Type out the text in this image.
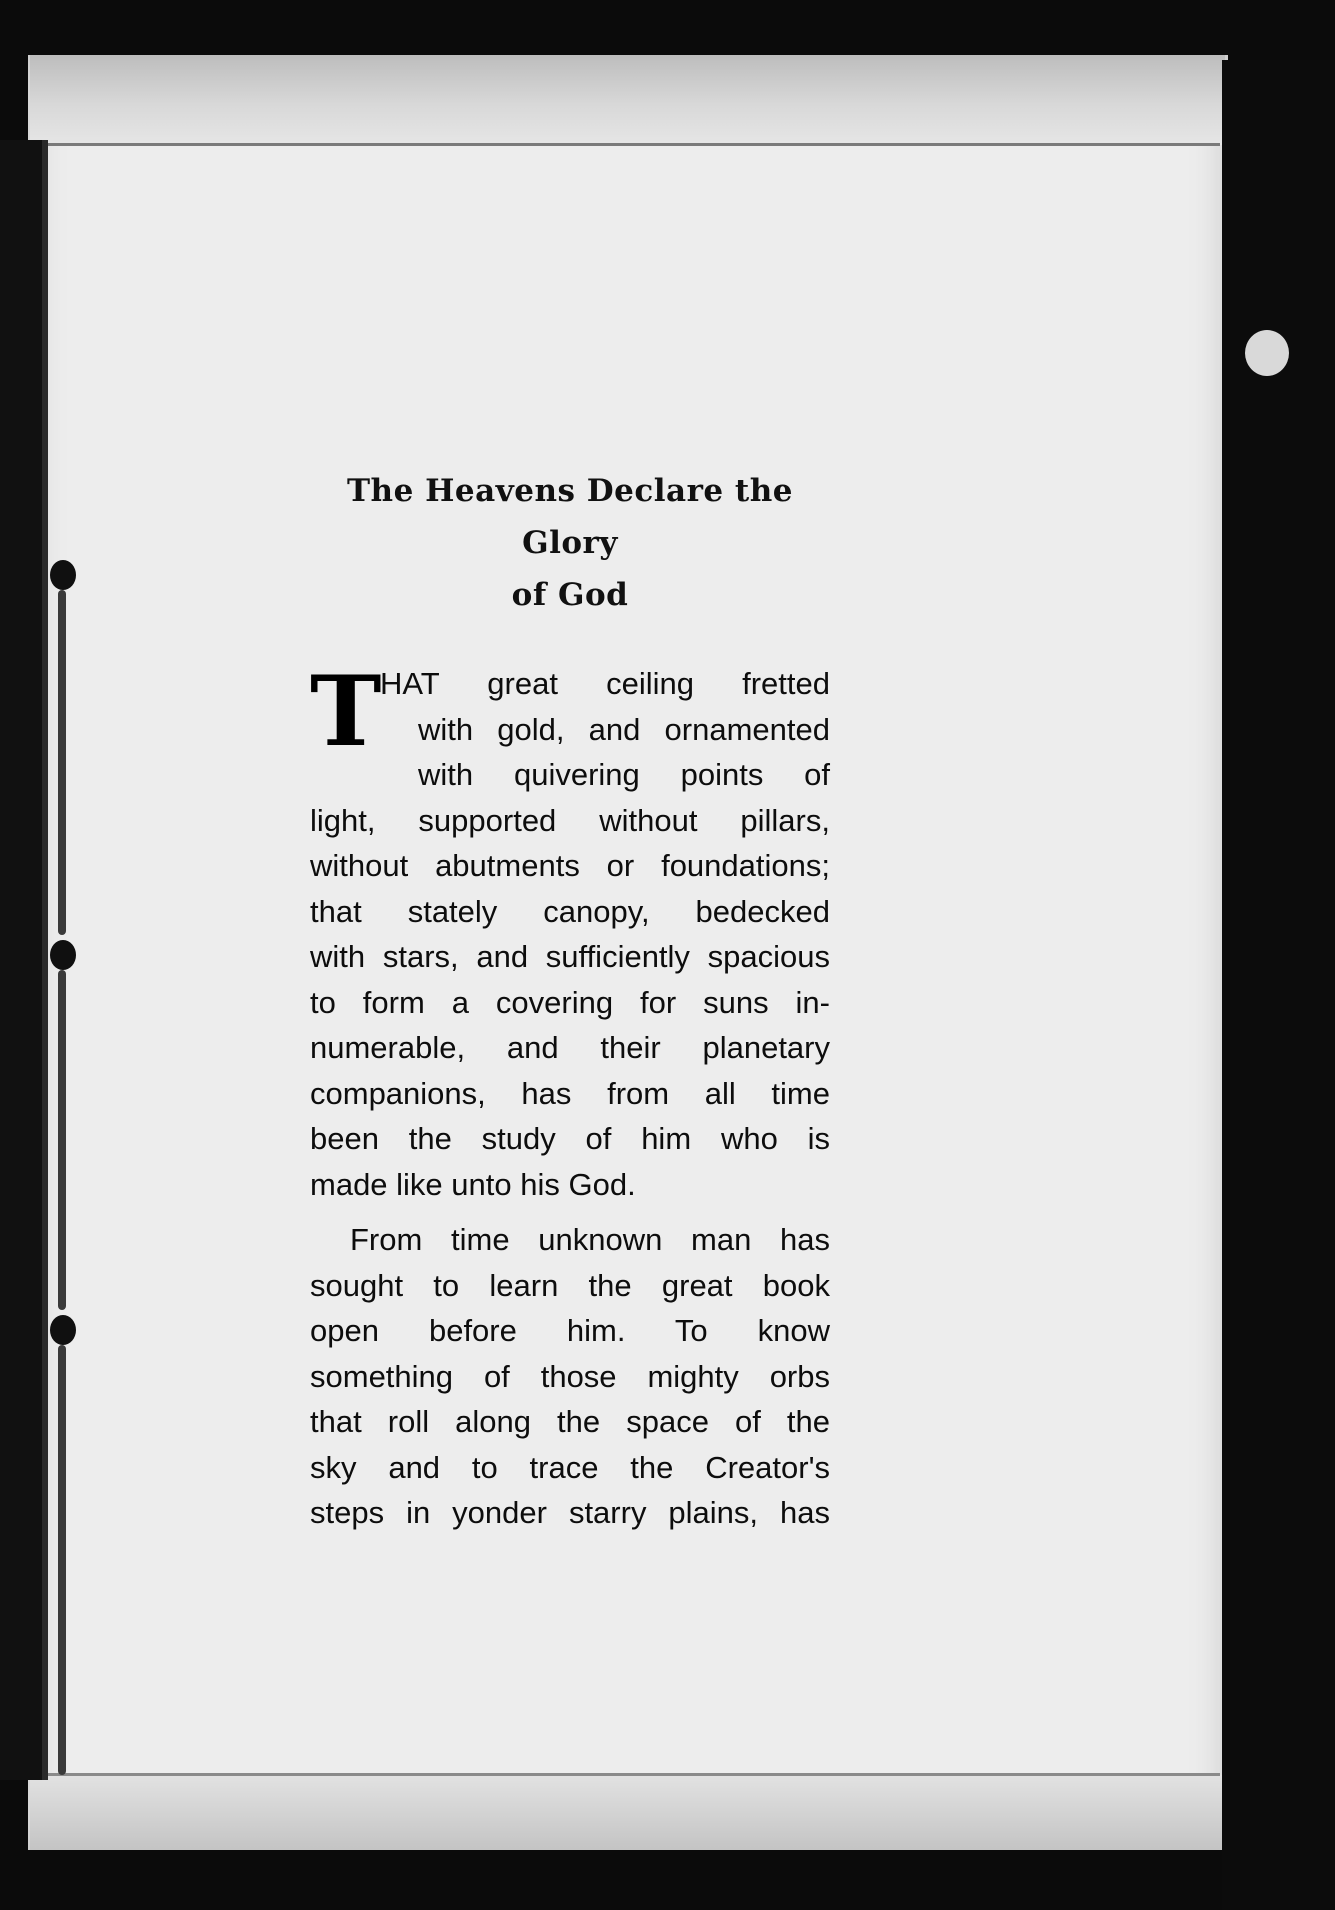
The Heavens Declare the Glory
of God
T
HAT great ceiling fretted
with gold, and ornamented
with quivering points of
light, supported without pillars,
without abutments or foundations;
that stately canopy, bedecked
with stars, and sufficiently spacious
to form a covering for suns in-
numerable, and their planetary
companions, has from all time
been the study of him who is
made like unto his God.
From time unknown man has
sought to learn the great book
open before him. To know
something of those mighty orbs
that roll along the space of the
sky and to trace the Creator's
steps in yonder starry plains, has
